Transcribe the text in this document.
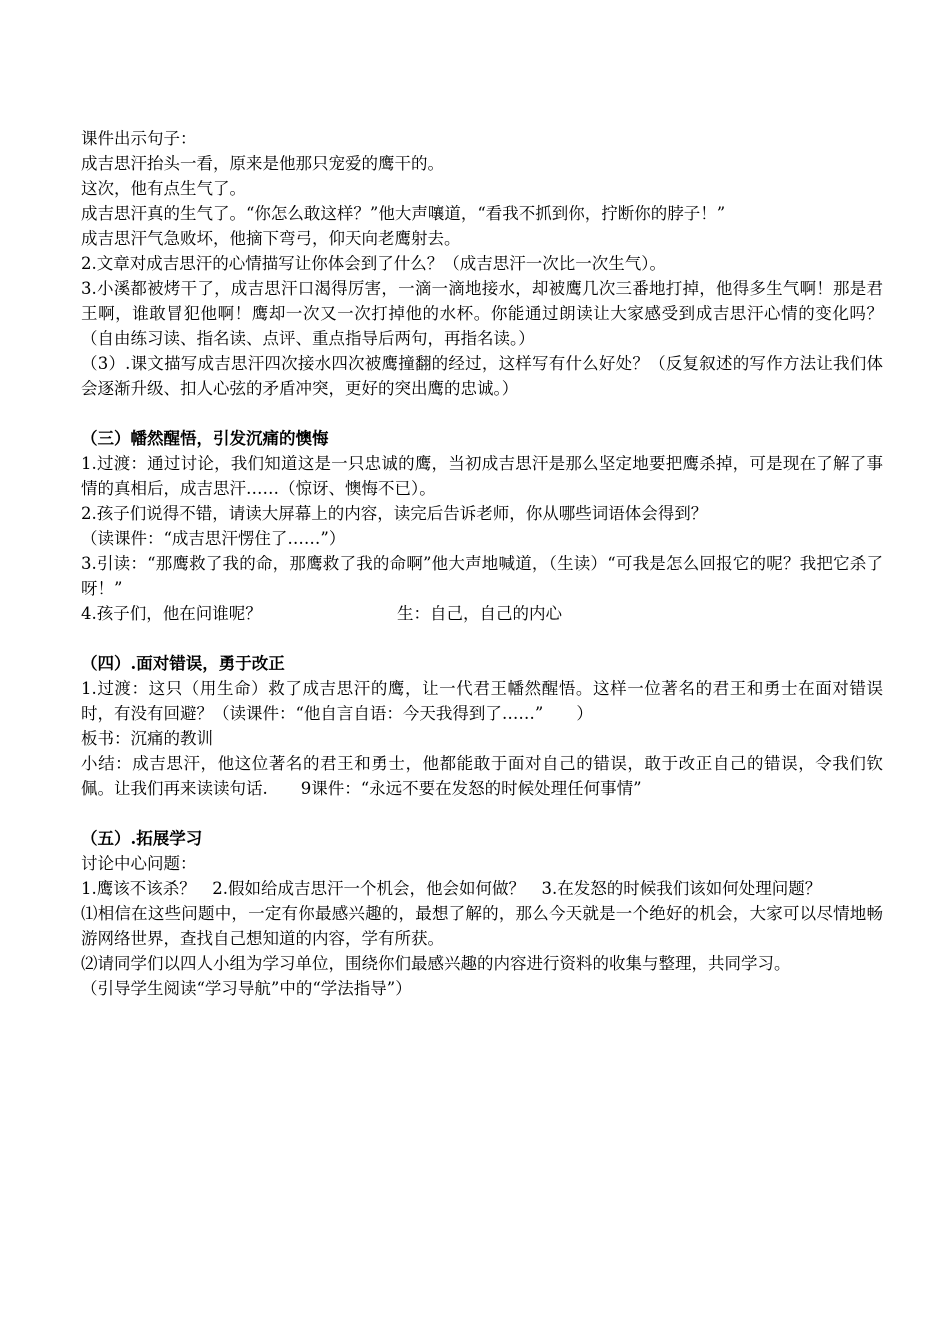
课件出示句子：
成吉思汗抬头一看，原来是他那只宠爱的鹰干的。
这次，他有点生气了。
成吉思汗真的生气了。“你怎么敢这样？”他大声嚷道，“看我不抓到你，拧断你的脖子！”
成吉思汗气急败坏，他摘下弯弓，仰天向老鹰射去。
2.文章对成吉思汗的心情描写让你体会到了什么？（成吉思汗一次比一次生气）。
3.小溪都被烤干了，成吉思汗口渴得厉害，一滴一滴地接水，却被鹰几次三番地打掉，他得多生气啊！那是君王啊，谁敢冒犯他啊！鹰却一次又一次打掉他的水杯。你能通过朗读让大家感受到成吉思汗心情的变化吗？（自由练习读、指名读、点评、重点指导后两句，再指名读。）
（3）.课文描写成吉思汗四次接水四次被鹰撞翻的经过，这样写有什么好处？（反复叙述的写作方法让我们体会逐渐升级、扣人心弦的矛盾冲突，更好的突出鹰的忠诚。）
（三）幡然醒悟，引发沉痛的懊悔
1.过渡：通过讨论，我们知道这是一只忠诚的鹰，当初成吉思汗是那么坚定地要把鹰杀掉，可是现在了解了事情的真相后，成吉思汗……（惊讶、懊悔不已）。
2.孩子们说得不错，请读大屏幕上的内容，读完后告诉老师，你从哪些词语体会得到？
（读课件：“成吉思汗愣住了……”）
3.引读：“那鹰救了我的命，那鹰救了我的命啊”他大声地喊道，（生读）“可我是怎么回报它的呢？我把它杀了呀！”
4.孩子们，他在问谁呢？	生：自己，自己的内心
（四）.面对错误，勇于改正
1.过渡：这只（用生命）救了成吉思汗的鹰，让一代君王幡然醒悟。这样一位著名的君王和勇士在面对错误时，有没有回避？（读课件：“他自言自语：今天我得到了……”　　）
板书：沉痛的教训
小结：成吉思汗，他这位著名的君王和勇士，他都能敢于面对自己的错误，敢于改正自己的错误，令我们钦佩。让我们再来读读句话.　　9课件：“永远不要在发怒的时候处理任何事情”
（五）.拓展学习
讨论中心问题：
1.鹰该不该杀？　2.假如给成吉思汗一个机会，他会如何做？　3.在发怒的时候我们该如何处理问题？
⑴相信在这些问题中，一定有你最感兴趣的，最想了解的，那么今天就是一个绝好的机会，大家可以尽情地畅游网络世界，查找自己想知道的内容，学有所获。
⑵请同学们以四人小组为学习单位，围绕你们最感兴趣的内容进行资料的收集与整理，共同学习。
（引导学生阅读“学习导航”中的“学法指导”）
